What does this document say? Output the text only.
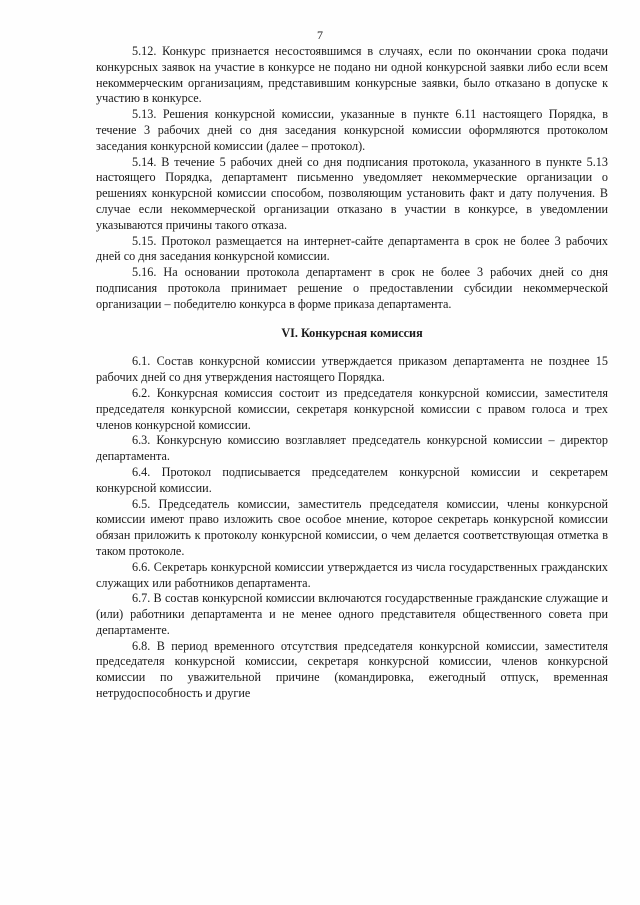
7

5.12. Конкурс признается несостоявшимся в случаях, если по окончании срока подачи конкурсных заявок на участие в конкурсе не подано ни одной конкурсной заявки либо если всем некоммерческим организациям, представившим конкурсные заявки, было отказано в допуске к участию в конкурсе.

5.13. Решения конкурсной комиссии, указанные в пункте 6.11 настоящего Порядка, в течение 3 рабочих дней со дня заседания конкурсной комиссии оформляются протоколом заседания конкурсной комиссии (далее – протокол).

5.14. В течение 5 рабочих дней со дня подписания протокола, указанного в пункте 5.13 настоящего Порядка, департамент письменно уведомляет некоммерческие организации о решениях конкурсной комиссии способом, позволяющим установить факт и дату получения. В случае если некоммерческой организации отказано в участии в конкурсе, в уведомлении указываются причины такого отказа.

5.15. Протокол размещается на интернет-сайте департамента в срок не более 3 рабочих дней со дня заседания конкурсной комиссии.

5.16. На основании протокола департамент в срок не более 3 рабочих дней со дня подписания протокола принимает решение о предоставлении субсидии некоммерческой организации – победителю конкурса в форме приказа департамента.

VI. Конкурсная комиссия

6.1. Состав конкурсной комиссии утверждается приказом департамента не позднее 15 рабочих дней со дня утверждения настоящего Порядка.

6.2. Конкурсная комиссия состоит из председателя конкурсной комиссии, заместителя председателя конкурсной комиссии, секретаря конкурсной комиссии с правом голоса и трех членов конкурсной комиссии.

6.3. Конкурсную комиссию возглавляет председатель конкурсной комиссии – директор департамента.

6.4. Протокол подписывается председателем конкурсной комиссии и секретарем конкурсной комиссии.

6.5. Председатель комиссии, заместитель председателя комиссии, члены конкурсной комиссии имеют право изложить свое особое мнение, которое секретарь конкурсной комиссии обязан приложить к протоколу конкурсной комиссии, о чем делается соответствующая отметка в таком протоколе.

6.6. Секретарь конкурсной комиссии утверждается из числа государственных гражданских служащих или работников департамента.

6.7. В состав конкурсной комиссии включаются государственные гражданские служащие и (или) работники департамента и не менее одного представителя общественного совета при департаменте.

6.8. В период временного отсутствия председателя конкурсной комиссии, заместителя председателя конкурсной комиссии, секретаря конкурсной комиссии, членов конкурсной комиссии по уважительной причине (командировка, ежегодный отпуск, временная нетрудоспособность и другие
